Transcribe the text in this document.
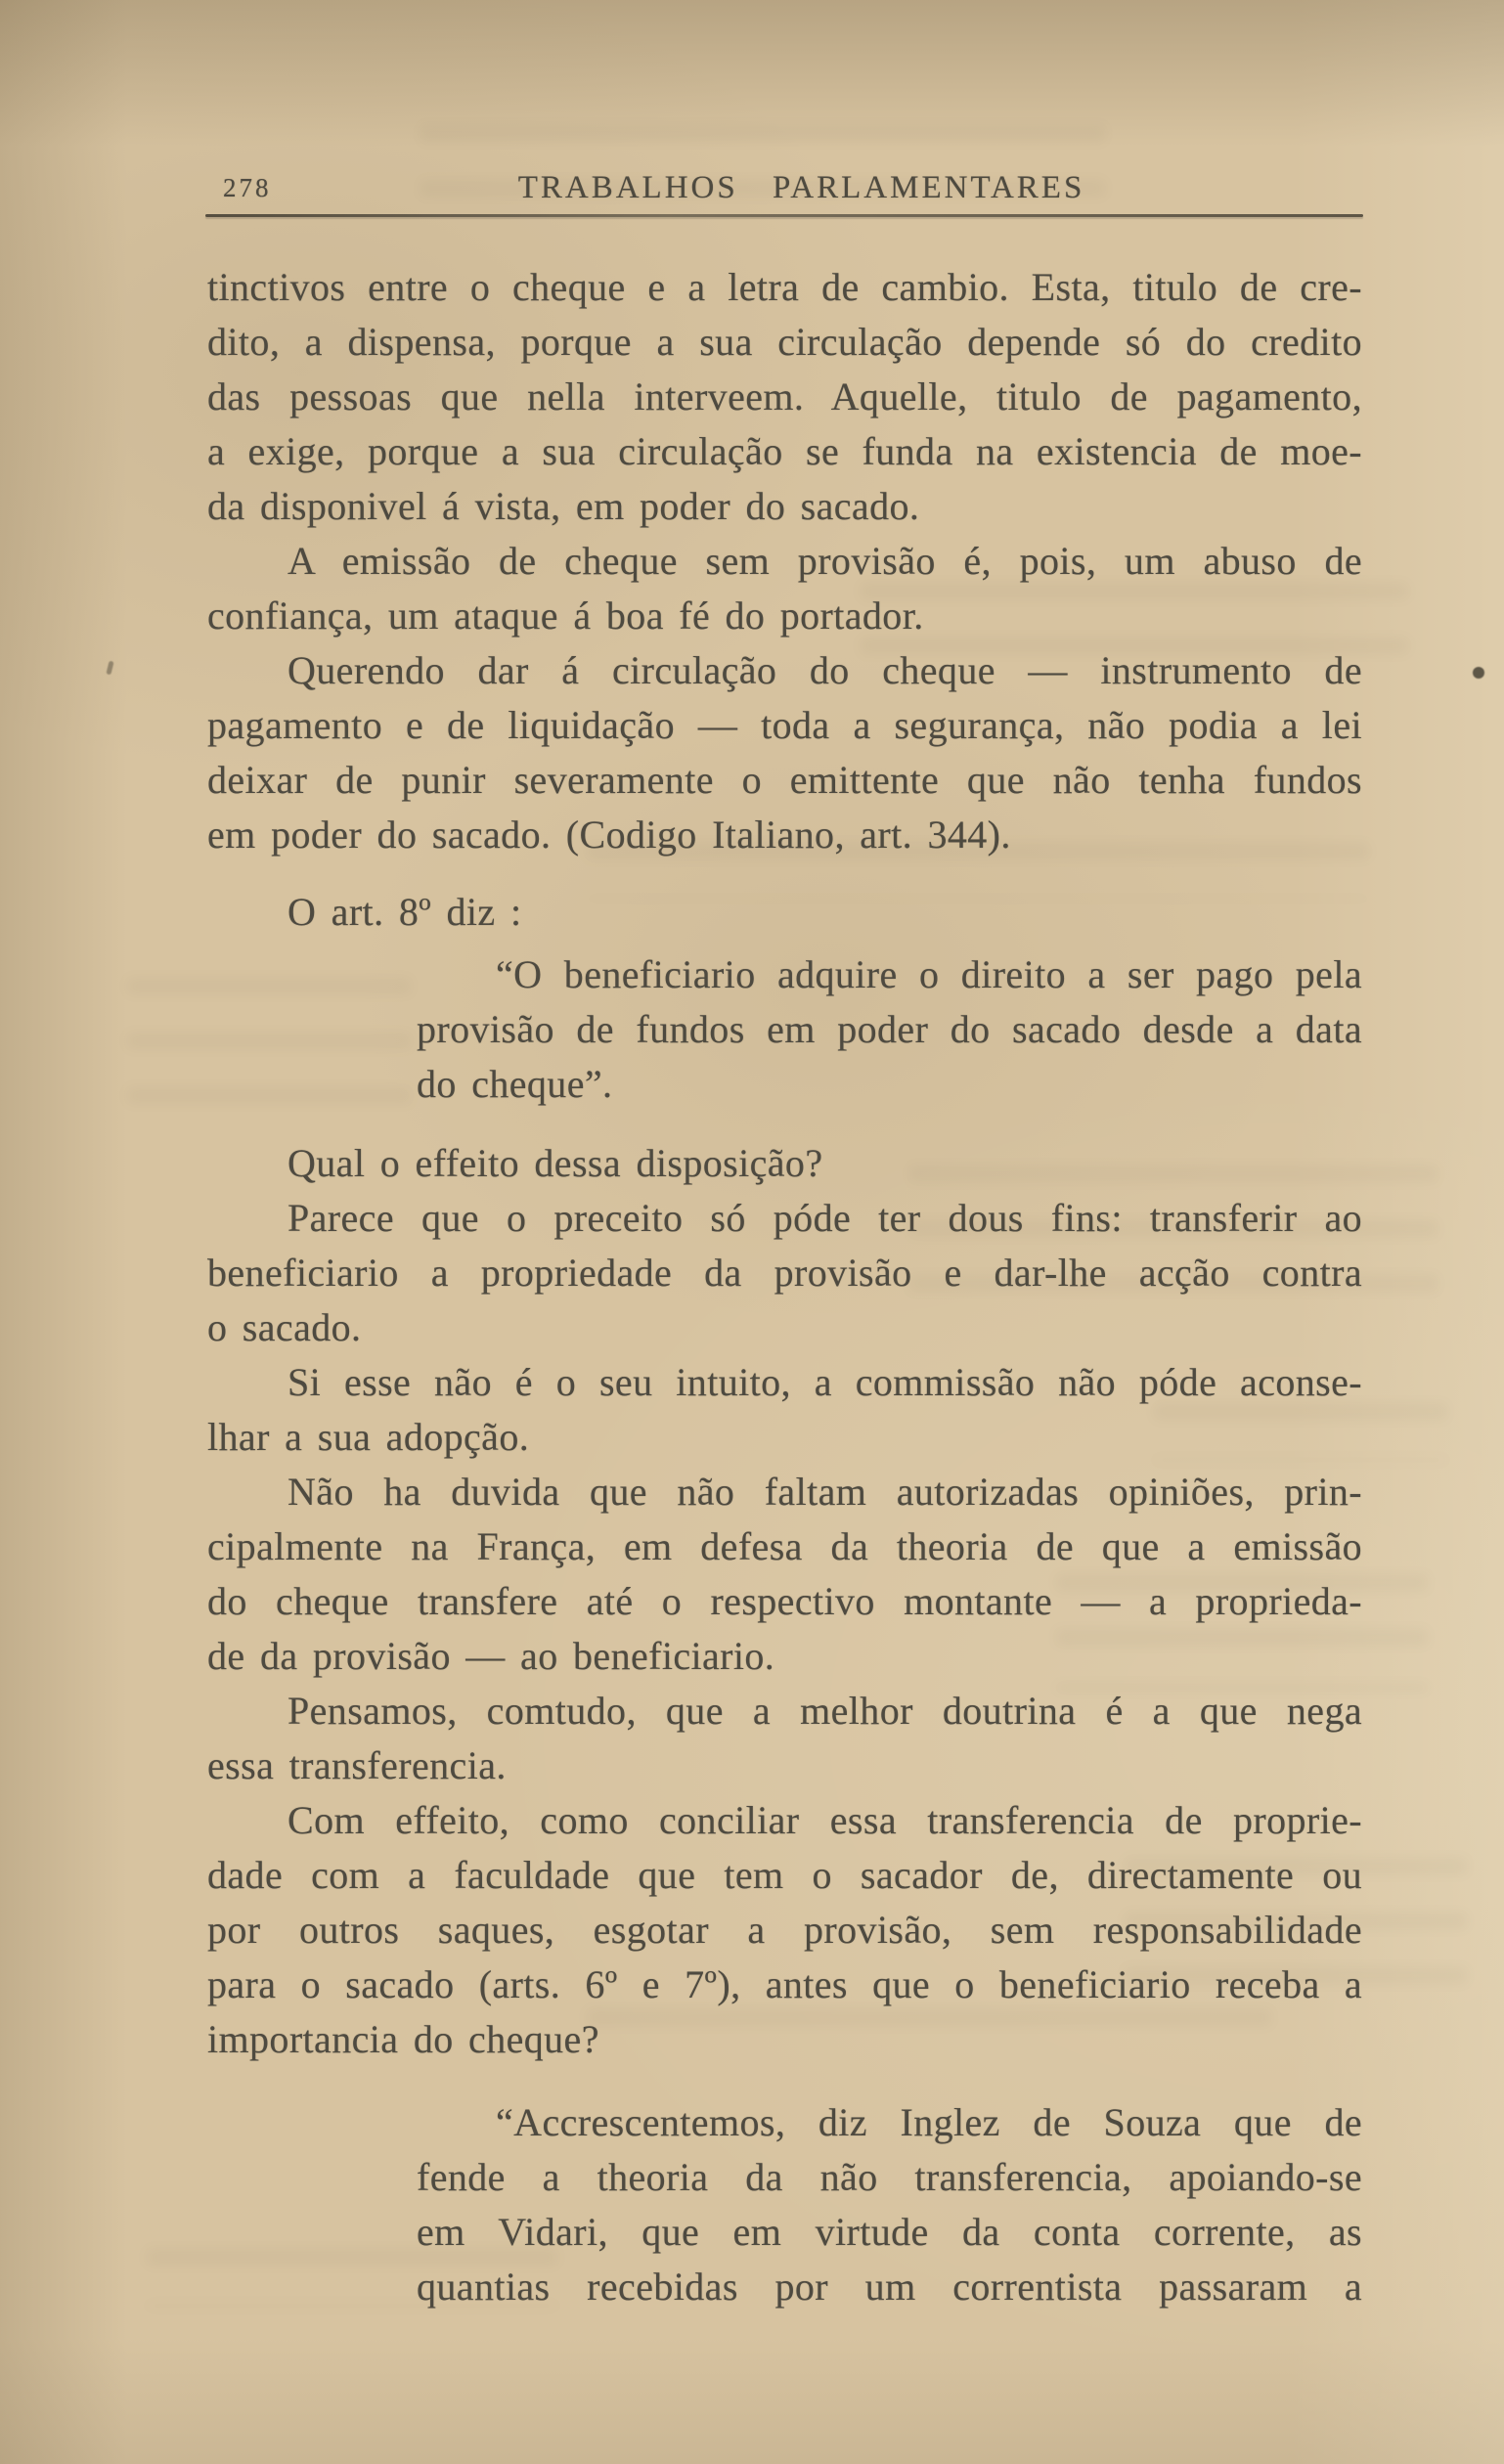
278	TRABALHOS PARLAMENTARES
tinctivos entre o cheque e a letra de cambio. Esta, titulo de cre-
dito, a dispensa, porque a sua circulação depende só do credito
das pessoas que nella interveem. Aquelle, titulo de pagamento,
a exige, porque a sua circulação se funda na existencia de moe-
da disponivel á vista, em poder do sacado.
A emissão de cheque sem provisão é, pois, um abuso de
confiança, um ataque á boa fé do portador.
Querendo dar á circulação do cheque — instrumento de
pagamento e de liquidação — toda a segurança, não podia a lei
deixar de punir severamente o emittente que não tenha fundos
em poder do sacado. (Codigo Italiano, art. 344).
O art. 8º diz :
“O beneficiario adquire o direito a ser pago pela
provisão de fundos em poder do sacado desde a data
do cheque”.
Qual o effeito dessa disposição?
Parece que o preceito só póde ter dous fins: transferir ao
beneficiario a propriedade da provisão e dar-lhe acção contra
o sacado.
Si esse não é o seu intuito, a commissão não póde aconse-
lhar a sua adopção.
Não ha duvida que não faltam autorizadas opiniões, prin-
cipalmente na França, em defesa da theoria de que a emissão
do cheque transfere até o respectivo montante — a proprieda-
de da provisão — ao beneficiario.
Pensamos, comtudo, que a melhor doutrina é a que nega
essa transferencia.
Com effeito, como conciliar essa transferencia de proprie-
dade com a faculdade que tem o sacador de, directamente ou
por outros saques, esgotar a provisão, sem responsabilidade
para o sacado (arts. 6º e 7º), antes que o beneficiario receba a
importancia do cheque?
“Accrescentemos, diz Inglez de Souza que de
fende a theoria da não transferencia, apoiando-se
em Vidari, que em virtude da conta corrente, as
quantias recebidas por um correntista passaram a
